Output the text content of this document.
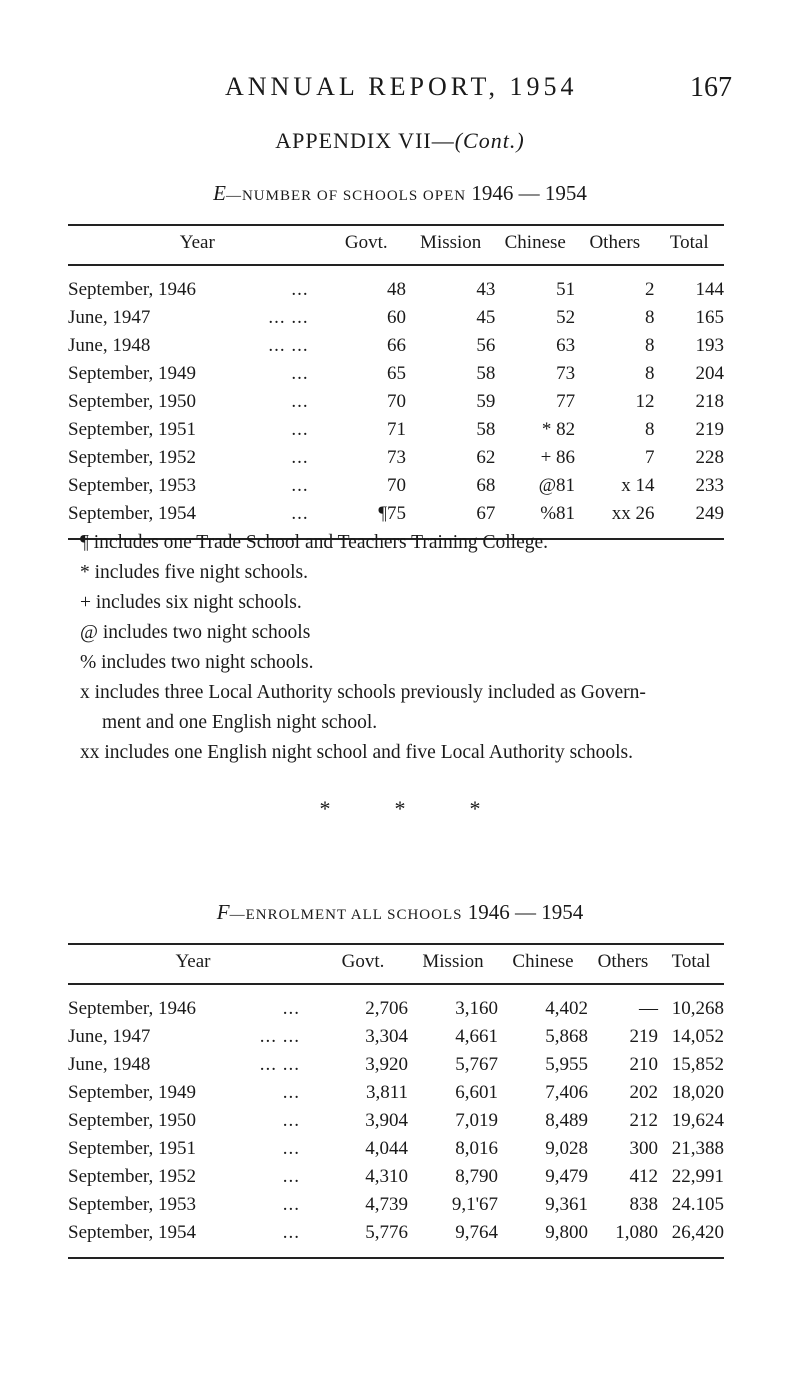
ANNUAL REPORT, 1954	167
APPENDIX VII—(Cont.)
E—NUMBER OF SCHOOLS OPEN 1946 — 1954
Year		Govt.	Mission	Chinese	Others	Total
September, 1946	...	48	43	51	2	144
June, 1947	... ...	60	45	52	8	165
June, 1948	... ...	66	56	63	8	193
September, 1949	...	65	58	73	8	204
September, 1950	...	70	59	77	12	218
September, 1951	...	71	58	* 82	8	219
September, 1952	...	73	62	+ 86	7	228
September, 1953	...	70	68	@81	x 14	233
September, 1954	...	¶75	67	%81	xx 26	249
¶ includes one Trade School and Teachers Training College.
* includes five night schools.
+ includes six night schools.
@ includes two night schools
% includes two night schools.
x includes three Local Authority schools previously included as Govern-
ment and one English night school.
xx includes one English night school and five Local Authority schools.
*	*	*
F—ENROLMENT ALL SCHOOLS 1946 — 1954
Year		Govt.	Mission	Chinese	Others	Total
September, 1946	...	2,706	3,160	4,402	—	10,268
June, 1947	... ...	3,304	4,661	5,868	219	14,052
June, 1948	... ...	3,920	5,767	5,955	210	15,852
September, 1949	...	3,811	6,601	7,406	202	18,020
September, 1950	...	3,904	7,019	8,489	212	19,624
September, 1951	...	4,044	8,016	9,028	300	21,388
September, 1952	...	4,310	8,790	9,479	412	22,991
September, 1953	...	4,739	9,1'67	9,361	838	24.105
September, 1954	...	5,776	9,764	9,800	1,080	26,420
